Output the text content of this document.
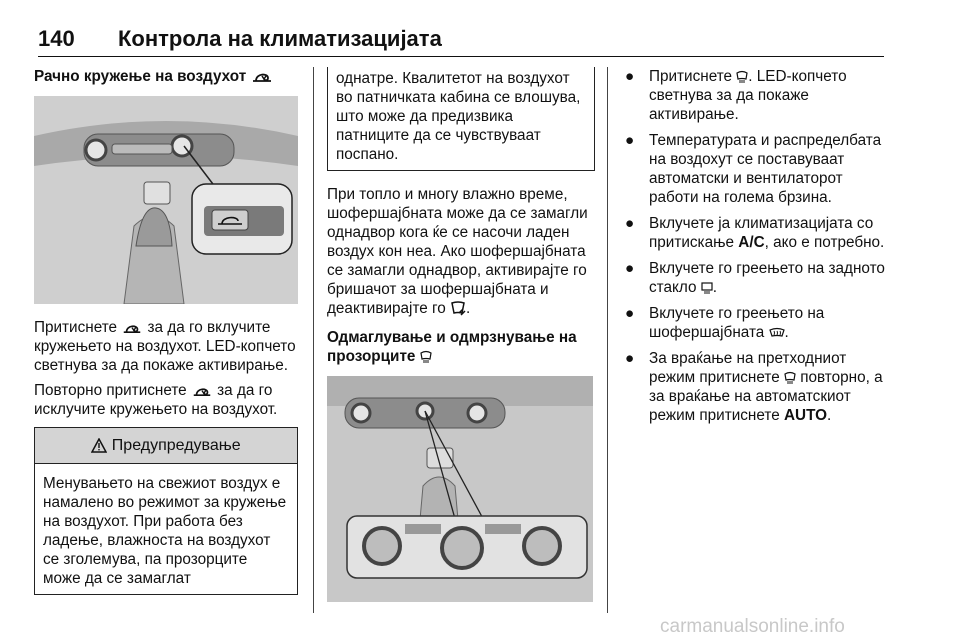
140 Контрола на климатизацијата
Рачно кружење на воздухот

Притиснете  за да го вклучите кружењето на воздухот. LED-копчето светнува за да покаже активирање.

Повторно притиснете  за да го исклучите кружењето на воздухот.

Предупредување
Менувањето на свежиот воздух е намалено во режимот за кружење на воздухот. При работа без ладење, влажноста на воздухот се зголемува, па прозорците може да се замаглат
однатре. Квалитетот на воздухот во патничката кабина се влошува, што може да предизвика патниците да се чувствуваат поспано.

При топло и многу влажно време, шофершајбната може да се замагли однадвор кога ќе се насочи ладен воздух кон неа. Ако шофершајбната се замагли однадвор, активирајте го бришачот за шофершајбната и деактивирајте го .

Одмаглување и одмрзнување на прозорците
● Притиснете . LED-копчето светнува за да покаже активирање.
● Температурата и распределбата на воздохут се поставуваат автоматски и вентилаторот работи на голема брзина.
● Вклучете ја климатизацијата со притискање A/C, ако е потребно.
● Вклучете го греењето на задното стакло .
● Вклучете го греењето на шофершајбната .
● За враќање на претходниот режим притиснете  повторно, а за враќање на автоматскиот режим притиснете AUTO.
carmanualsonline.info
